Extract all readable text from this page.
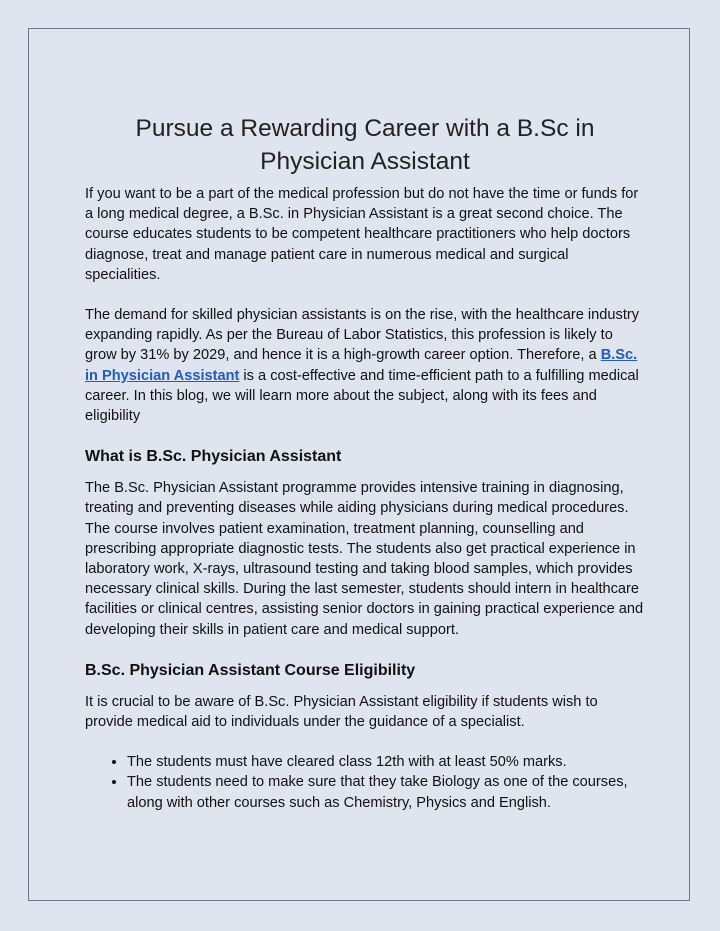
Pursue a Rewarding Career with a B.Sc in Physician Assistant

If you want to be a part of the medical profession but do not have the time or funds for a long medical degree, a B.Sc. in Physician Assistant is a great second choice. The course educates students to be competent healthcare practitioners who help doctors diagnose, treat and manage patient care in numerous medical and surgical specialities.

The demand for skilled physician assistants is on the rise, with the healthcare industry expanding rapidly. As per the Bureau of Labor Statistics, this profession is likely to grow by 31% by 2029, and hence it is a high-growth career option. Therefore, a B.Sc. in Physician Assistant is a cost-effective and time-efficient path to a fulfilling medical career. In this blog, we will learn more about the subject, along with its fees and eligibility

What is B.Sc. Physician Assistant

The B.Sc. Physician Assistant programme provides intensive training in diagnosing, treating and preventing diseases while aiding physicians during medical procedures. The course involves patient examination, treatment planning, counselling and prescribing appropriate diagnostic tests. The students also get practical experience in laboratory work, X-rays, ultrasound testing and taking blood samples, which provides necessary clinical skills. During the last semester, students should intern in healthcare facilities or clinical centres, assisting senior doctors in gaining practical experience and developing their skills in patient care and medical support.

B.Sc. Physician Assistant Course Eligibility

It is crucial to be aware of B.Sc. Physician Assistant eligibility if students wish to provide medical aid to individuals under the guidance of a specialist.

• The students must have cleared class 12th with at least 50% marks.
• The students need to make sure that they take Biology as one of the courses, along with other courses such as Chemistry, Physics and English.
